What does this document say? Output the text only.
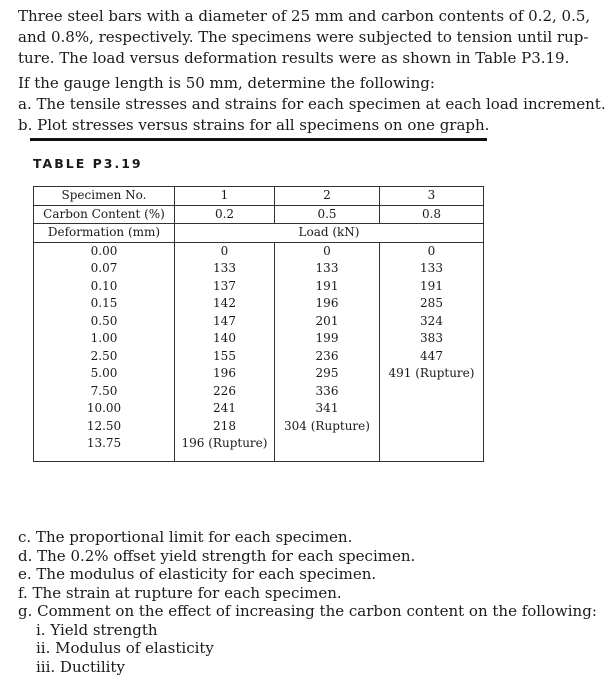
Three steel bars with a diameter of 25 mm and carbon contents of 0.2, 0.5,
and 0.8%, respectively. The specimens were subjected to tension until rup-
ture. The load versus deformation results were as shown in Table P3.19.
If the gauge length is 50 mm, determine the following:
a. The tensile stresses and strains for each specimen at each load increment.
b. Plot stresses versus strains for all specimens on one graph.
TABLE P3.19
Specimen No.	1	2	3
Carbon Content (%)	0.2	0.5	0.8
Deformation (mm)	Load (kN)		
0.00	0	0	0
0.07	133	133	133
0.10	137	191	191
0.15	142	196	285
0.50	147	201	324
1.00	140	199	383
2.50	155	236	447
5.00	196	295	491 (Rupture)
7.50	226	336	
10.00	241	341	
12.50	218	304 (Rupture)	
13.75	196 (Rupture)		
c. The proportional limit for each specimen.
d. The 0.2% offset yield strength for each specimen.
e. The modulus of elasticity for each specimen.
f. The strain at rupture for each specimen.
g. Comment on the effect of increasing the carbon content on the following:
i. Yield strength
ii. Modulus of elasticity
iii. Ductility
